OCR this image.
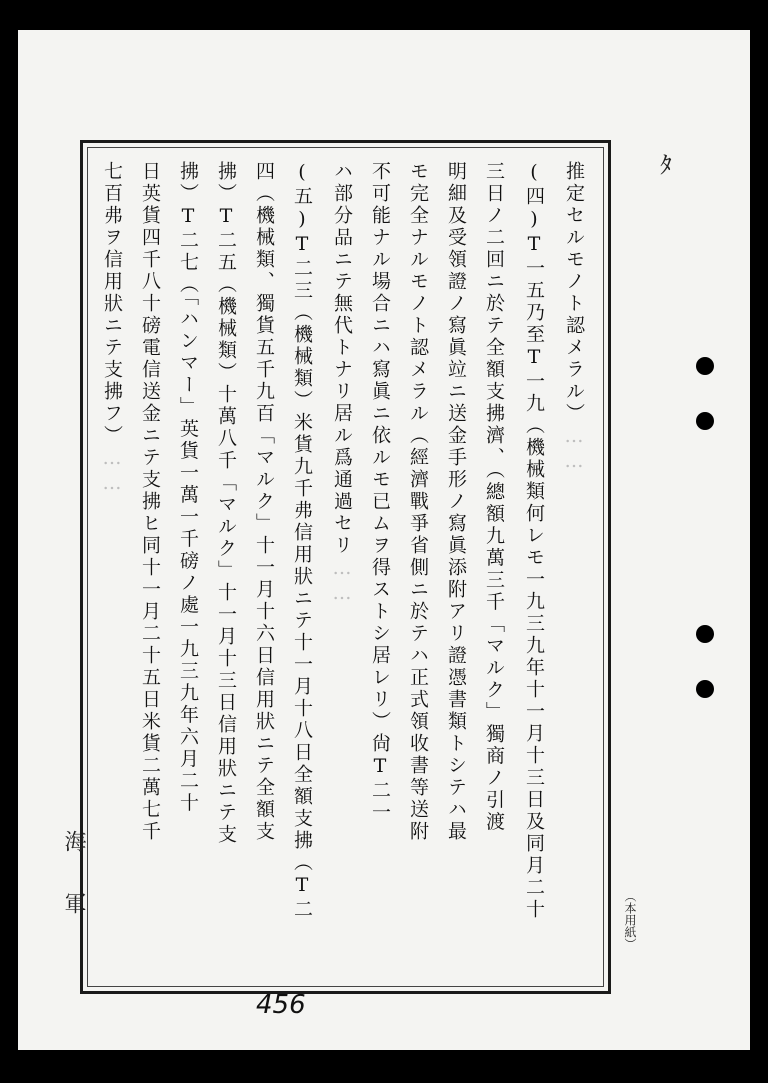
ﾀ
推定セルモノト認メラル）……
(四)T一五乃至T一九（機械類何レモ一九三九年十一月十三日及同月二十
三日ノ二回ニ於テ全額支拂濟、（總額九萬三千「マルク」獨商ノ引渡
明細及受領證ノ寫眞竝ニ送金手形ノ寫眞添附アリ證憑書類トシテハ最
モ完全ナルモノト認メラル（經濟戰爭省側ニ於テハ正式領收書等送附
不可能ナル場合ニハ寫眞ニ依ルモ已ムヲ得ストシ居レリ）尙T二一
ハ部分品ニテ無代トナリ居ル爲通過セリ……
(五)T二三（機械類）米貨九千弗信用狀ニテ十一月十八日全額支拂（T二
四（機械類、獨貨五千九百「マルク」十一月十六日信用狀ニテ全額支
拂）T二五（機械類）十萬八千「マルク」十一月十三日信用狀ニテ支
拂）T二七（「ハンマー」英貨一萬一千磅ノ處一九三九年六月二十
日英貨四千八十磅電信送金ニテ支拂ヒ同十一月二十五日米貨二萬七千
七百弗ヲ信用狀ニテ支拂フ）……
海軍	（本用紙）
456
